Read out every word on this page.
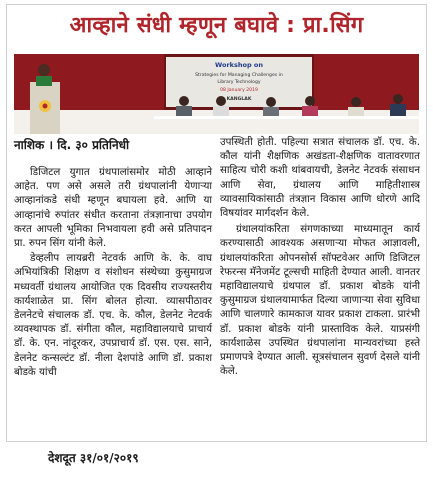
आव्हाने संधी म्हणून बघावे : प्रा.सिंग
Workshop on
Strategies for Managing Challenges in
Library Technology
08 January 2019
KANGLAK
नाशिक । दि. ३० प्रतिनिधी

डिजिटल युगात ग्रंथपालांसमोर मोठी आव्हाने आहेत. पण असे असले तरी ग्रंथपालांनी येणाऱ्या आव्हानांकडे संधी म्हणून बघायला हवे. आणि या आव्हानांचे रुपांतर संधीत करताना तंत्रज्ञानाचा उपयोग करत आपली भूमिका निभवायला हवी असे प्रतिपादन प्रा. रुपन सिंग यांनी केले.

डेव्हलीप लायब्ररी नेटवर्क आणि के. के. वाघ अभियांत्रिकी शिक्षण व संशोधन संस्थेच्या कुसुमाग्रज मध्यवर्ती ग्रंथालय आयोजित एक दिवसीय राज्यस्तरीय कार्यशाळेत प्रा. सिंग बोलत होत्या. व्यासपीठावर डेलनेटचे संचालक डॉ. एच. के. कौल, डेलनेट नेटवर्क व्यवस्थापक डॉ. संगीता कौल, महाविद्यालयाचे प्राचार्य डॉ. के. एन. नांदूरकर, उपप्राचार्य डॉ. एस. एस. साने, डेलनेट कन्सल्टंट डॉ. नीला देशपांडे आणि डॉ. प्रकाश बोडके यांची

उपस्थिती होती. पहिल्या सत्रात संचालक डॉ. एच. के. कौल यांनी शैक्षणिक अखंडता-शैक्षणिक वातावरणात साहित्य चोरी कशी थांबवायची, डेलनेट नेटवर्क संसाधन आणि सेवा, ग्रंथालय आणि माहितीशास्त्र व्यावसायिकांसाठी तंत्रज्ञान विकास आणि धोरणे आदि विषयांवर मार्गदर्शन केले.

ग्रंथालयांकरिता संगणकाच्या माध्यमातून कार्य करण्यासाठी आवश्यक असणाऱ्या मोफत आज्ञावली, ग्रंथालयांकरिता ओपनसोर्स सॉफ्टवेअर आणि डिजिटल रेफरन्स मॅनेजमेंट टूल्सची माहिती देण्यात आली. वानतर महाविद्यालयाचे ग्रंथपाल डॉ. प्रकाश बोडके यांनी कुसुमाग्रज ग्रंथालयामार्फत दिल्या जाणाऱ्या सेवा सुविधा आणि चालणारे कामकाज यावर प्रकाश टाकला. प्रारंभी डॉ. प्रकाश बोडके यांनी प्रास्ताविक केले. याप्रसंगी कार्यशाळेस उपस्थित ग्रंथपालांना मान्यवरांच्या हस्ते प्रमाणपत्रे देण्यात आली. सूत्रसंचालन सुवर्ण देसले यांनी केले.

देशदूत ३१/०१/२०१९
